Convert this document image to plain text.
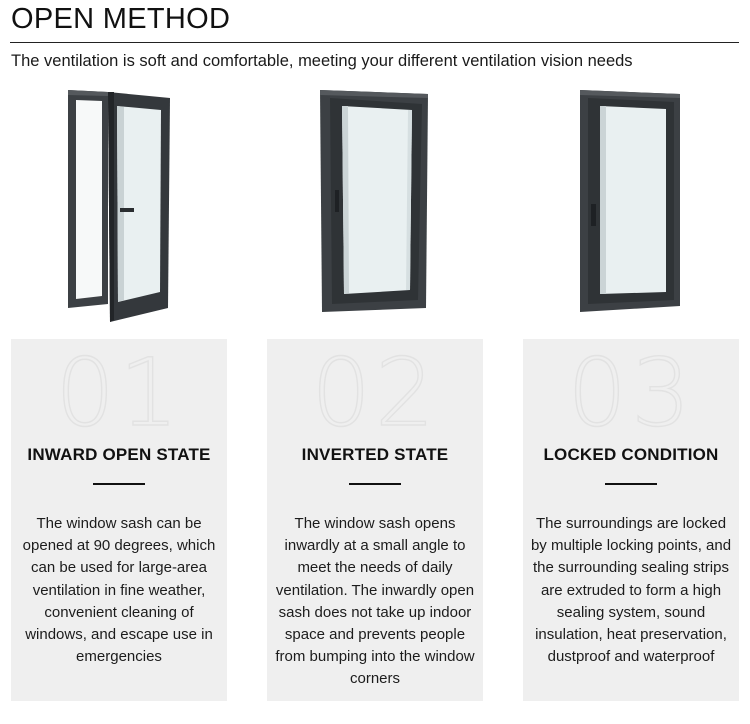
OPEN METHOD

The ventilation is soft and comfortable, meeting your different ventilation vision needs

01
INWARD OPEN STATE

The window sash can be opened at 90 degrees, which can be used for large-area ventilation in fine weather, convenient cleaning of windows, and escape use in emergencies

02
INVERTED STATE

The window sash opens inwardly at a small angle to meet the needs of daily ventilation. The inwardly open sash does not take up indoor space and prevents people from bumping into the window corners

03
LOCKED CONDITION

The surroundings are locked by multiple locking points, and the surrounding sealing strips are extruded to form a high sealing system, sound insulation, heat preservation, dustproof and waterproof
